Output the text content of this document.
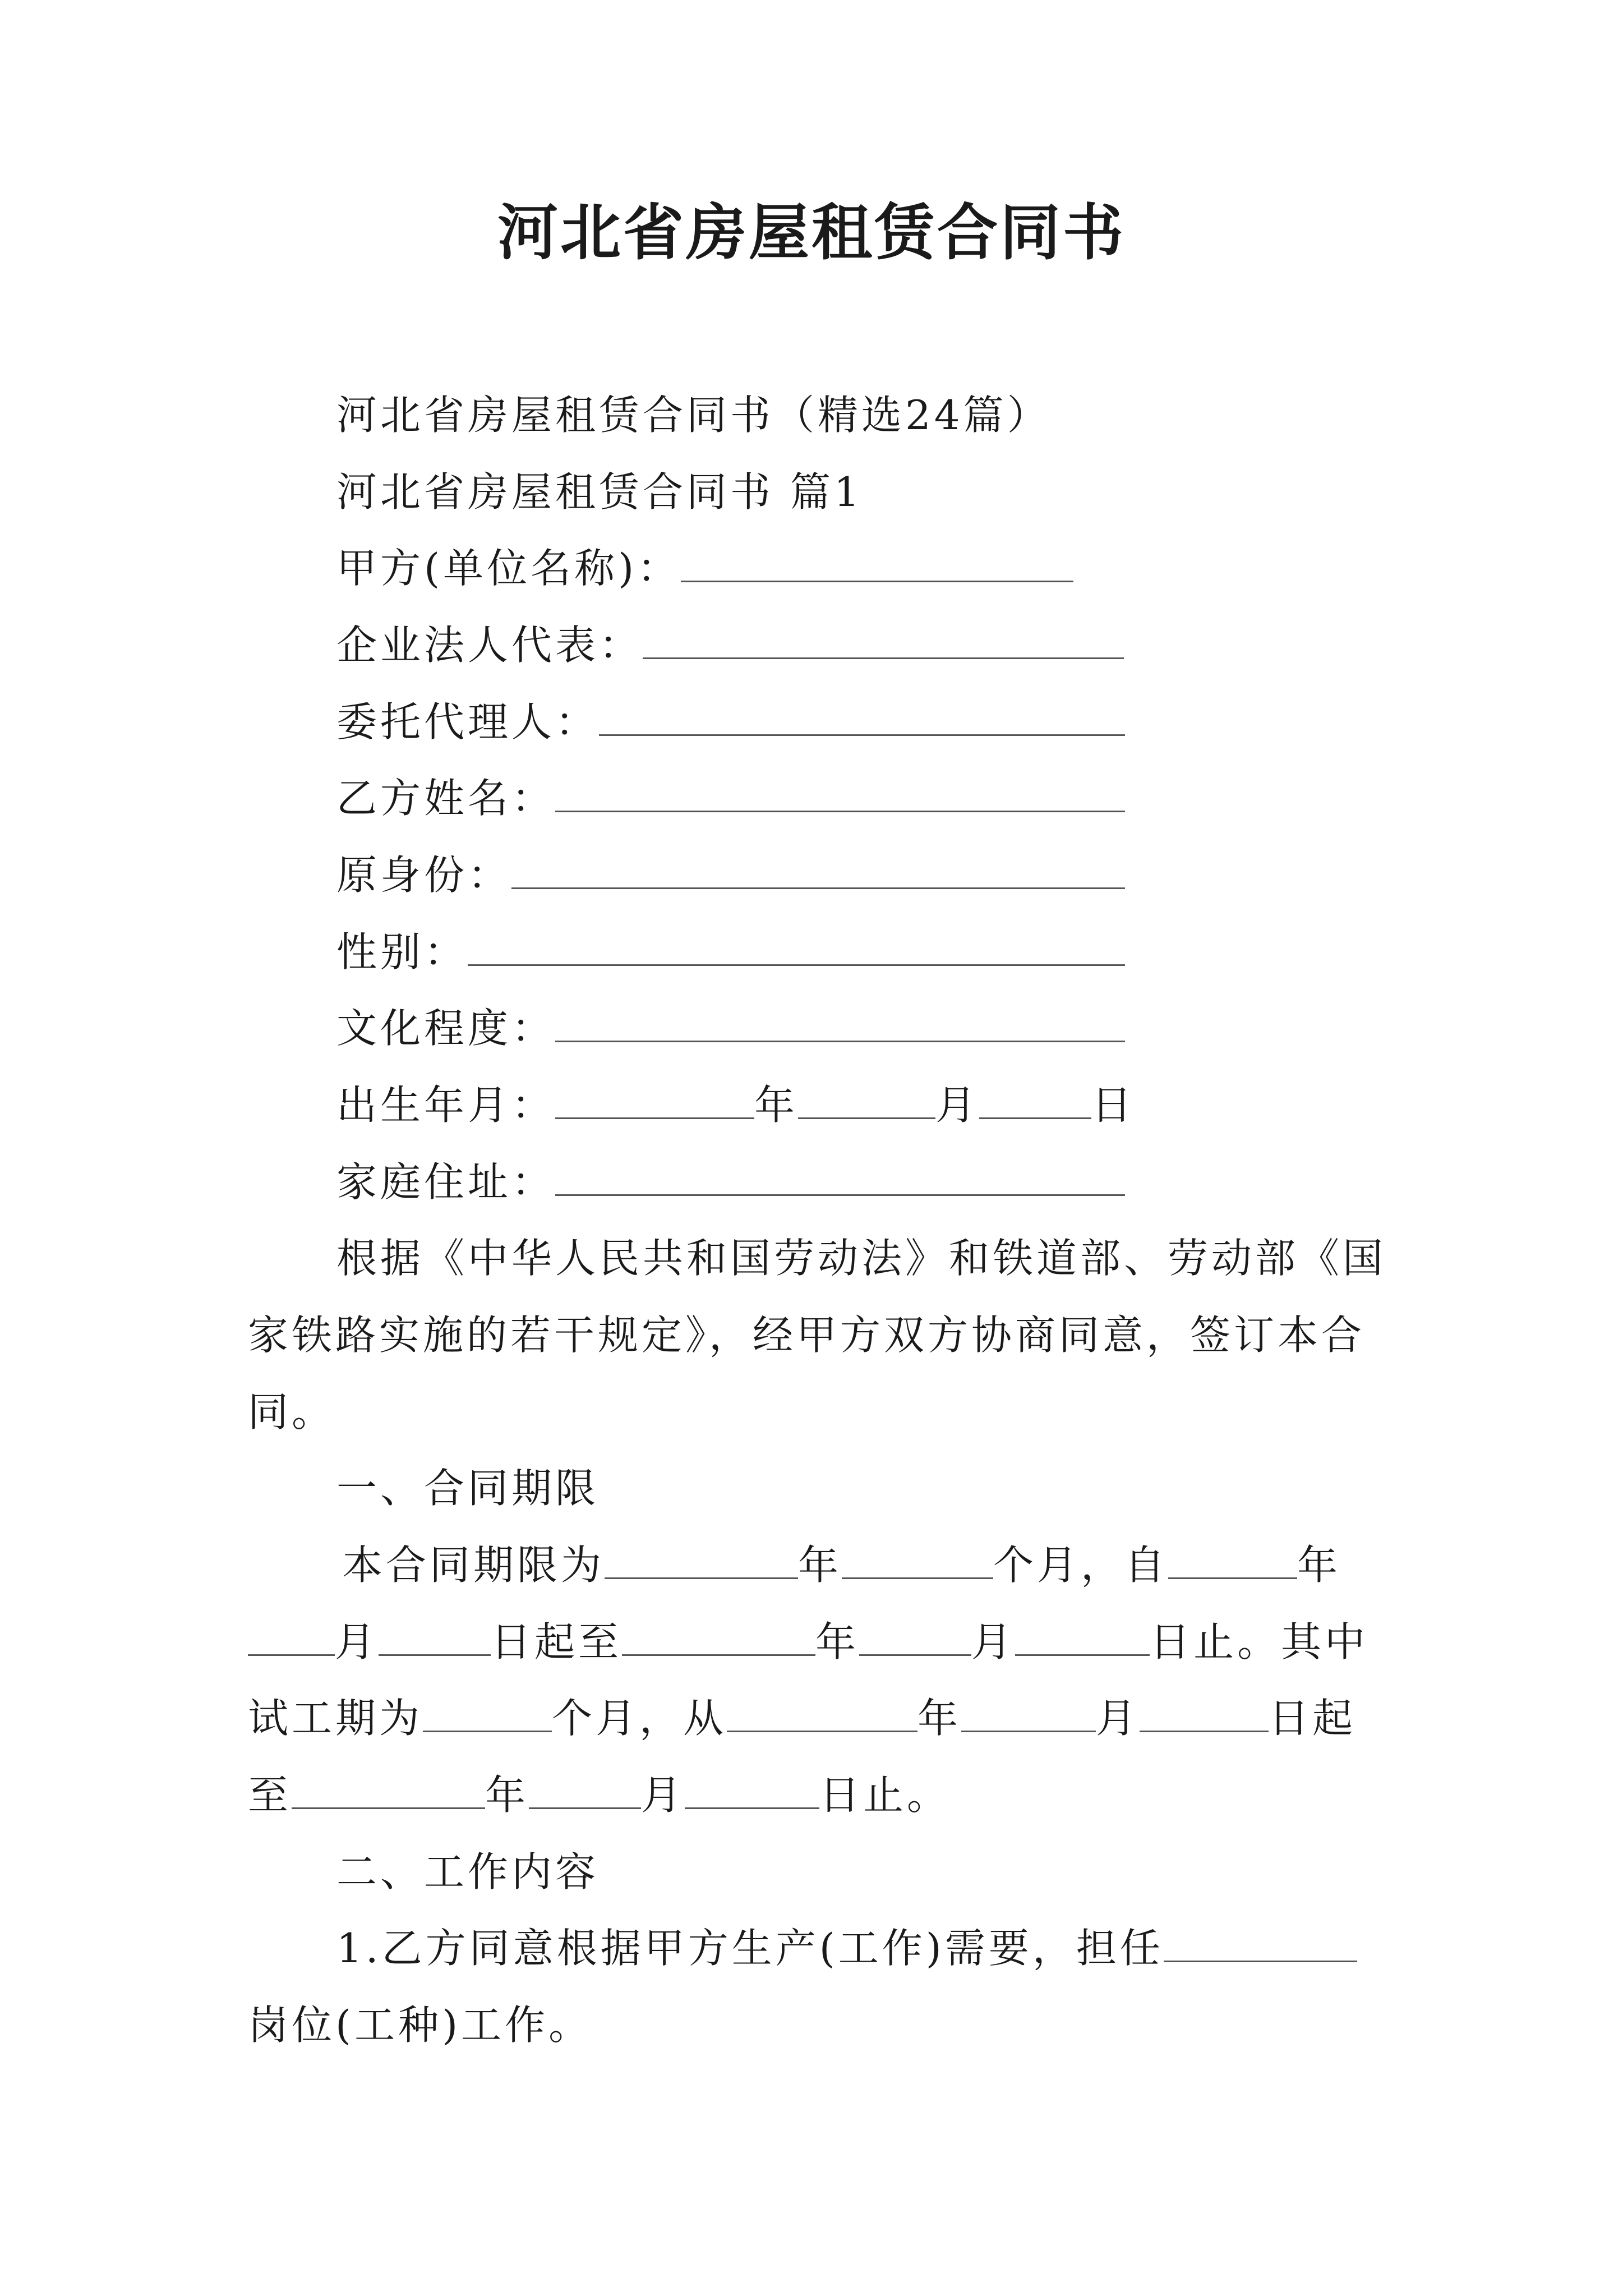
河北省房屋租赁合同书
河北省房屋租赁合同书（精选24篇）
河北省房屋租赁合同书 篇1
甲方(单位名称)：
企业法人代表：
委托代理人：
乙方姓名：
原身份：
性别：
文化程度：
出生年月：	年	月	日
家庭住址：
根据《中华人民共和国劳动法》和铁道部、劳动部《国
家铁路实施的若干规定》，经甲方双方协商同意，签订本合
同。
一、合同期限
本合同期限为	年	个月，自	年
月	日起至	年	月	日止。其中
试工期为	个月，从	年	月	日起
至	年	月	日止。
二、工作内容
1.乙方同意根据甲方生产(工作)需要，担任
岗位(工种)工作。
